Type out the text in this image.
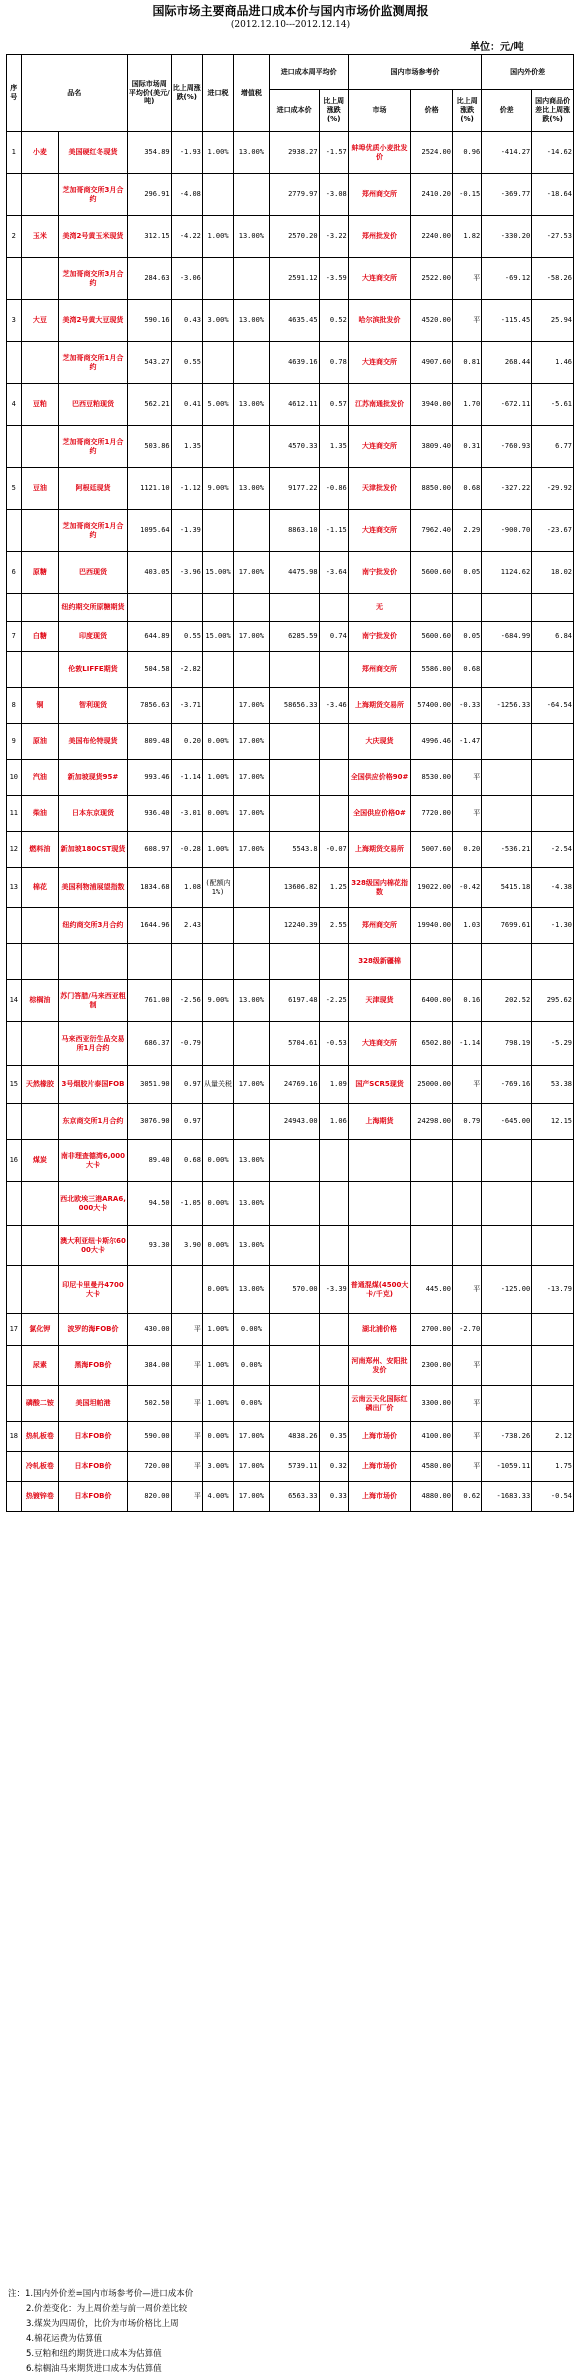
国际市场主要商品进口成本价与国内市场价监测周报
(2012.12.10---2012.12.14)
单位：元/吨
序号	品名		国际市场周平均价(美元/吨)	比上周涨跌(%)	进口税	增值税	进口成本周平均价		国内市场参考价			国内外价差	
							进口成本价	比上周涨跌(%)	市场	价格	比上周涨跌(%)	价差	国内商品价差比上周涨跌(%)
1	小麦	美国硬红冬现货	354.89	-1.93	1.00%	13.00%	2938.27	-1.57	蚌埠优质小麦批发价	2524.00	0.96	-414.27	-14.62
		芝加哥商交所3月合约	296.91	-4.08			2779.97	-3.08	郑州商交所	2410.20	-0.15	-369.77	-18.64
2	玉米	美湾2号黄玉米现货	312.15	-4.22	1.00%	13.00%	2570.20	-3.22	郑州批发价	2240.00	1.82	-330.20	-27.53
		芝加哥商交所3月合约	284.63	-3.06			2591.12	-3.59	大连商交所	2522.00	平	-69.12	-58.26
3	大豆	美湾2号黄大豆现货	590.16	0.43	3.00%	13.00%	4635.45	0.52	哈尔滨批发价	4520.00	平	-115.45	25.94
		芝加哥商交所1月合约	543.27	0.55			4639.16	0.78	大连商交所	4907.60	0.81	268.44	1.46
4	豆粕	巴西豆粕现货	562.21	0.41	5.00%	13.00%	4612.11	0.57	江苏南通批发价	3940.00	1.70	-672.11	-5.61
		芝加哥商交所1月合约	503.86	1.35			4570.33	1.35	大连商交所	3809.40	0.31	-760.93	6.77
5	豆油	阿根廷现货	1121.10	-1.12	9.00%	13.00%	9177.22	-0.86	天津批发价	8850.00	0.68	-327.22	-29.92
		芝加哥商交所1月合约	1095.64	-1.39			8863.10	-1.15	大连商交所	7962.40	2.29	-900.70	-23.67
6	原糖	巴西现货	403.05	-3.96	15.00%	17.00%	4475.98	-3.64	南宁批发价	5600.60	0.05	1124.62	18.02
		纽约期交所原糖期货							无				
7	白糖	印度现货	644.89	0.55	15.00%	17.00%	6285.59	0.74	南宁批发价	5600.60	0.05	-684.99	6.84
		伦敦LIFFE期货	504.58	-2.82					郑州商交所	5586.00	0.68		
8	铜	智利现货	7856.63	-3.71		17.00%	58656.33	-3.46	上海期货交易所	57400.00	-0.33	-1256.33	-64.54
9	原油	美国布伦特现货	809.48	0.20	0.00%	17.00%			大庆现货	4996.46	-1.47		
10	汽油	新加坡现货95#	993.46	-1.14	1.00%	17.00%			全国供应价格90#	8530.00	平		
11	柴油	日本东京现货	936.40	-3.01	0.00%	17.00%			全国供应价格0#	7720.00	平		
12	燃料油	新加坡180CST现货	608.97	-0.28	1.00%	17.00%	5543.8	-0.07	上海期货交易所	5007.60	0.20	-536.21	-2.54
13	棉花	美国利物浦展望指数	1834.68	1.08	(配额内1%)		13606.82	1.25	328级国内棉花指数	19022.00	-0.42	5415.18	-4.38
		纽约商交所3月合约	1644.96	2.43			12240.39	2.55	郑州商交所	19940.00	1.03	7699.61	-1.30
									328级新疆棉				
14	棕榈油	苏门答腊/马来西亚粗制	761.00	-2.56	9.00%	13.00%	6197.48	-2.25	天津现货	6400.00	0.16	202.52	295.62
		马来西亚衍生品交易所1月合约	686.37	-0.79			5704.61	-0.53	大连商交所	6502.80	-1.14	798.19	-5.29
15	天然橡胶	3号烟胶片泰国FOB	3051.90	0.97	从量关税	17.00%	24769.16	1.09	国产SCR5现货	25000.00	平	-769.16	53.38
		东京商交所1月合约	3076.90	0.97			24943.00	1.06	上海期货	24298.00	0.79	-645.00	12.15
16	煤炭	南非理查德湾6,000大卡	89.40	0.68	0.00%	13.00%							
		西北欧埃三港ARA6,000大卡	94.50	-1.05	0.00%	13.00%							
		澳大利亚纽卡斯尔6000大卡	93.30	3.90	0.00%	13.00%							
		印尼卡里曼丹4700大卡			0.00%	13.00%	570.00	-3.39	普通混煤(4500大卡/千克)	445.00	平	-125.00	-13.79
17	氯化钾	波罗的海FOB价	430.00	平	1.00%	0.00%			湖北浦价格	2700.00	-2.70		
	尿素	黑海FOB价	384.00	平	1.00%	0.00%			河南郑州、安阳批发价	2300.00	平		
	磷酸二铵	美国坦帕港	502.50	平	1.00%	0.00%			云南云天化国际红磷出厂价	3300.00	平		
18	热轧板卷	日本FOB价	590.00	平	0.00%	17.00%	4838.26	0.35	上海市场价	4100.00	平	-738.26	2.12
	冷轧板卷	日本FOB价	720.00	平	3.00%	17.00%	5739.11	0.32	上海市场价	4580.00	平	-1059.11	1.75
	热镀锌卷	日本FOB价	820.00	平	4.00%	17.00%	6563.33	0.33	上海市场价	4880.00	0.62	-1683.33	-0.54
注：1.国内外价差=国内市场参考价—进口成本价
2.价差变化：为上周价差与前一周价差比较
3.煤炭为四周价，比价为市场价格比上周
4.棉花运费为估算值
5.豆粕和纽约期货进口成本为估算值
6.棕榈油马来期货进口成本为估算值
